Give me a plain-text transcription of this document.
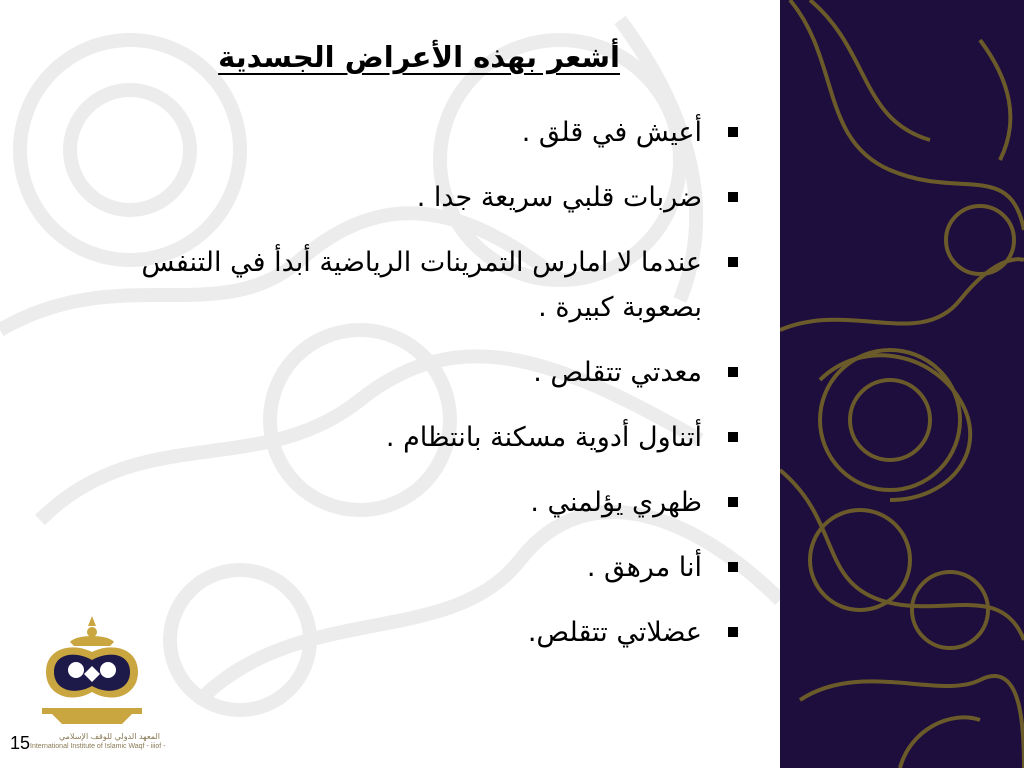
أشعر بهذه الأعراض الجسدية
أعيش في قلق .
ضربات قلبي سريعة جدا .
عندما لا امارس التمرينات الرياضية أبدأ في التنفس بصعوبة كبيرة .
معدتي تتقلص .
أتناول أدوية مسكنة بانتظام .
ظهري يؤلمني .
أنا مرهق .
عضلاتي تتقلص.
المعهد الدولي للوقف الإسلامي
International Institute of Islamic Waqf - iiiof -
15
